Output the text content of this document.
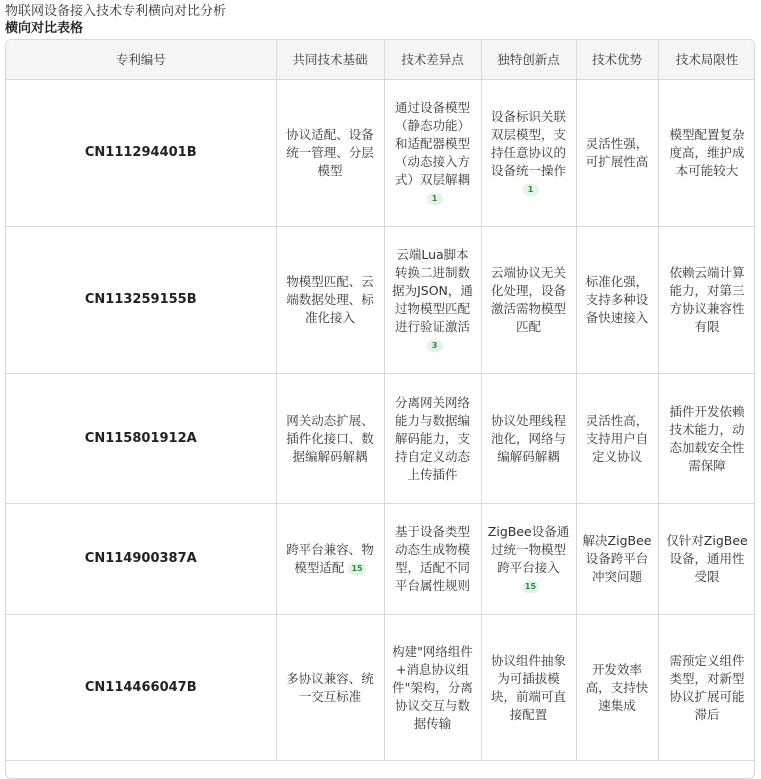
物联网设备接入技术专利横向对比分析
横向对比表格
专利编号	共同技术基础	技术差异点	独特创新点	技术优势	技术局限性
CN111294401B	协议适配、设备统一管理、分层模型	通过设备模型（静态功能）和适配器模型（动态接入方式）双层解耦1	设备标识关联双层模型，支持任意协议的设备统一操作1	灵活性强，可扩展性高	模型配置复杂度高，维护成本可能较大
CN113259155B	物模型匹配、云端数据处理、标准化接入	云端Lua脚本转换二进制数据为JSON，通过物模型匹配进行验证激活3	云端协议无关化处理，设备激活需物模型匹配	标准化强，支持多种设备快速接入	依赖云端计算能力，对第三方协议兼容性有限
CN115801912A	网关动态扩展、插件化接口、数据编解码解耦	分离网关网络能力与数据编解码能力，支持自定义动态上传插件	协议处理线程池化，网络与编解码解耦	灵活性高，支持用户自定义协议	插件开发依赖技术能力，动态加载安全性需保障
CN114900387A	跨平台兼容、物模型适配 15	基于设备类型动态生成物模型，适配不同平台属性规则	ZigBee设备通过统一物模型跨平台接入15	解决ZigBee设备跨平台冲突问题	仅针对ZigBee设备，通用性受限
CN114466047B	多协议兼容、统一交互标准	构建"网络组件+消息协议组件"架构，分离协议交互与数据传输	协议组件抽象为可插拔模块，前端可直接配置	开发效率高，支持快速集成	需预定义组件类型，对新型协议扩展可能滞后
